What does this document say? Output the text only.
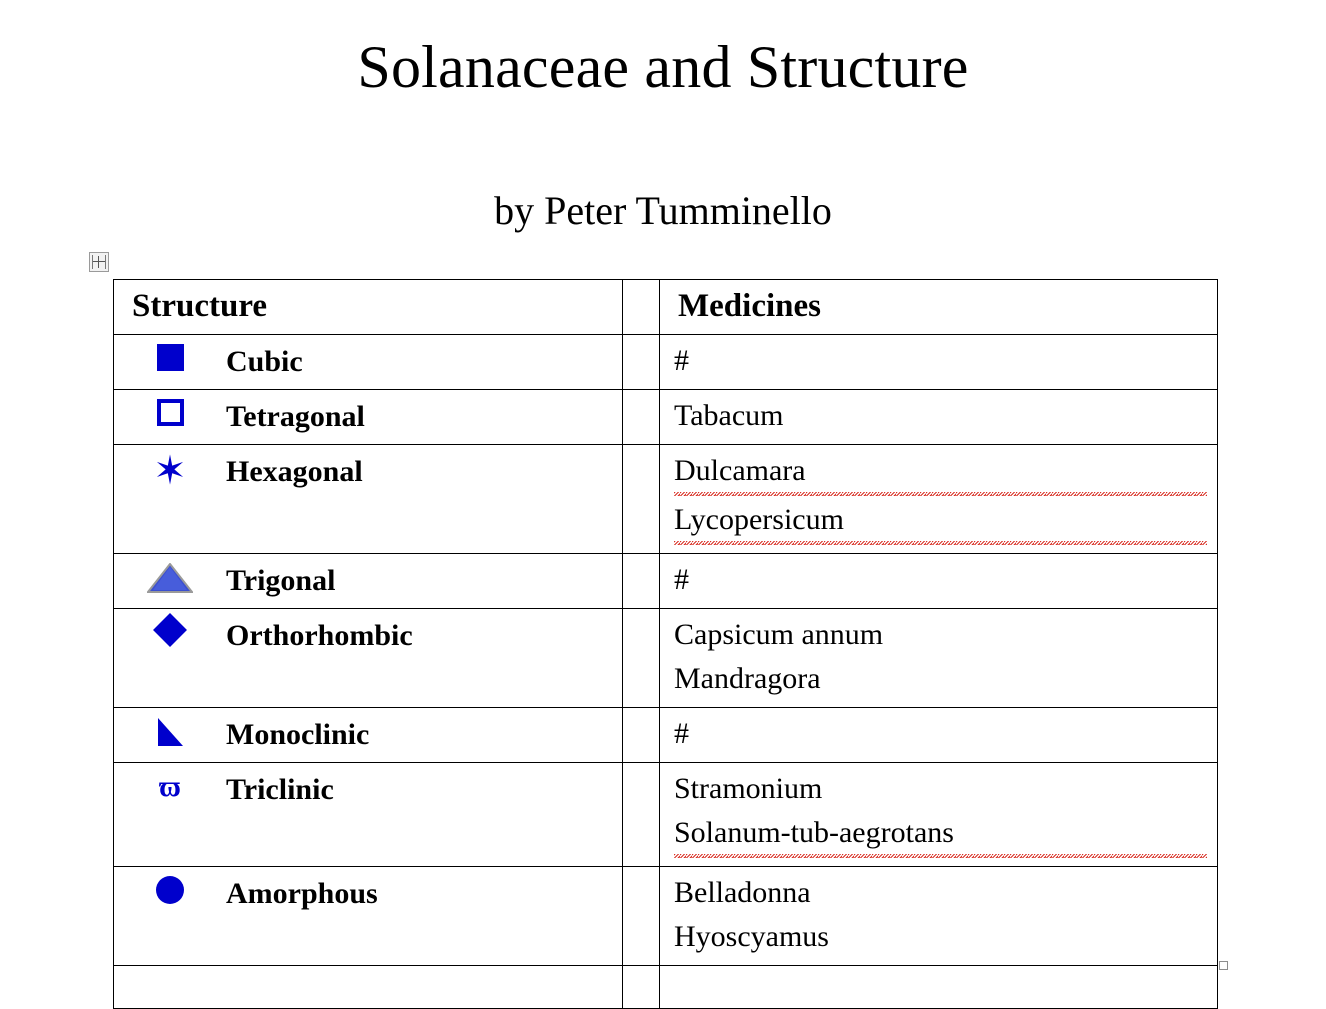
Solanaceae and Structure
by Peter Tumminello
Structure		Medicines

Cubic		#

Tetragonal		Tabacum

✶ Hexagonal		Dulcamara
Lycopersicum

Trigonal		#

Orthorhombic		Capsicum annum
Mandragora

Monoclinic		#

ϖ Triclinic		Stramonium
Solanum-tub-aegrotans

Amorphous		Belladonna
Hyoscyamus
